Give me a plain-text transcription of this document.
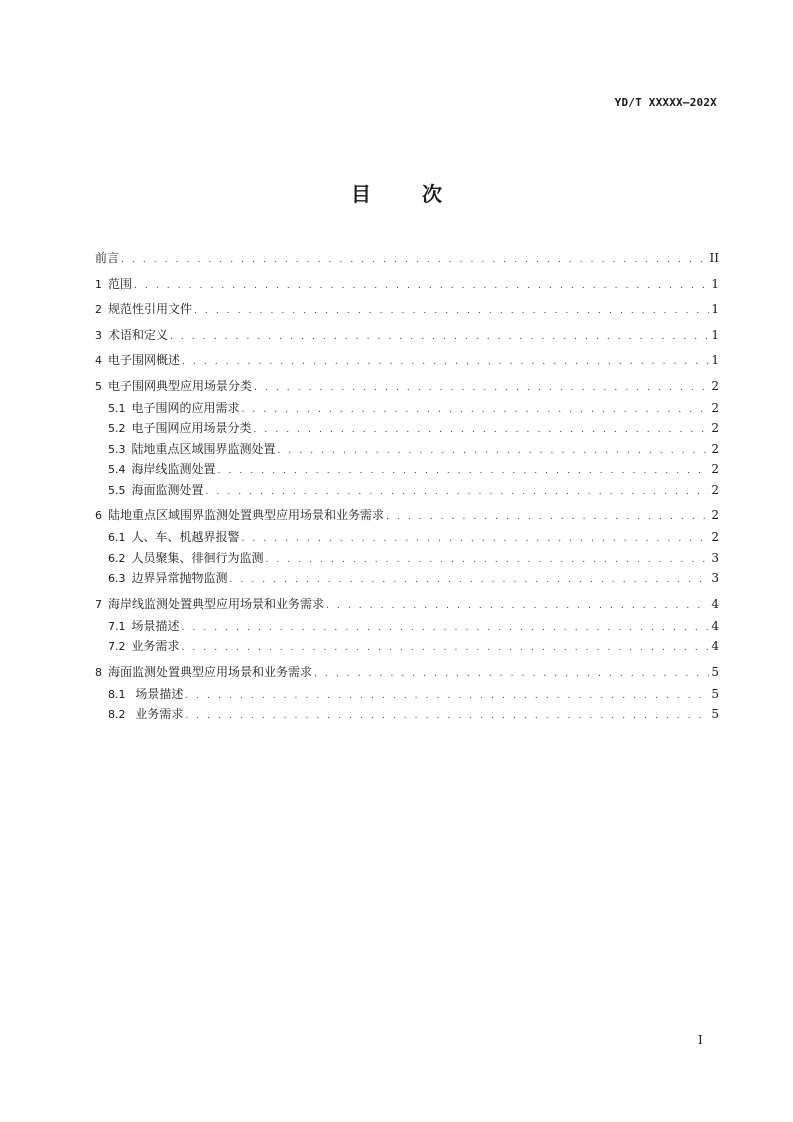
YD/T XXXXX—202X
目 次
前言 . . .	II
1 范围 . . .	1
2 规范性引用文件 . . .	1
3 术语和定义 . . .	1
4 电子围网概述 . . .	1
5 电子围网典型应用场景分类 . . .	2
5.1 电子围网的应用需求 . . .	2
5.2 电子围网应用场景分类 . . .	2
5.3 陆地重点区域围界监测处置 . . .	2
5.4 海岸线监测处置 . . .	2
5.5 海面监测处置 . . .	2
6 陆地重点区域围界监测处置典型应用场景和业务需求 . . .	2
6.1 人、车、机越界报警 . . .	2
6.2 人员聚集、徘徊行为监测 . . .	3
6.3 边界异常抛物监测 . . .	3
7 海岸线监测处置典型应用场景和业务需求 . . .	4
7.1 场景描述 . . .	4
7.2 业务需求 . . .	4
8 海面监测处置典型应用场景和业务需求 . . .	5
8.1 场景描述 . . .	5
8.2 业务需求 . . .	5
I
